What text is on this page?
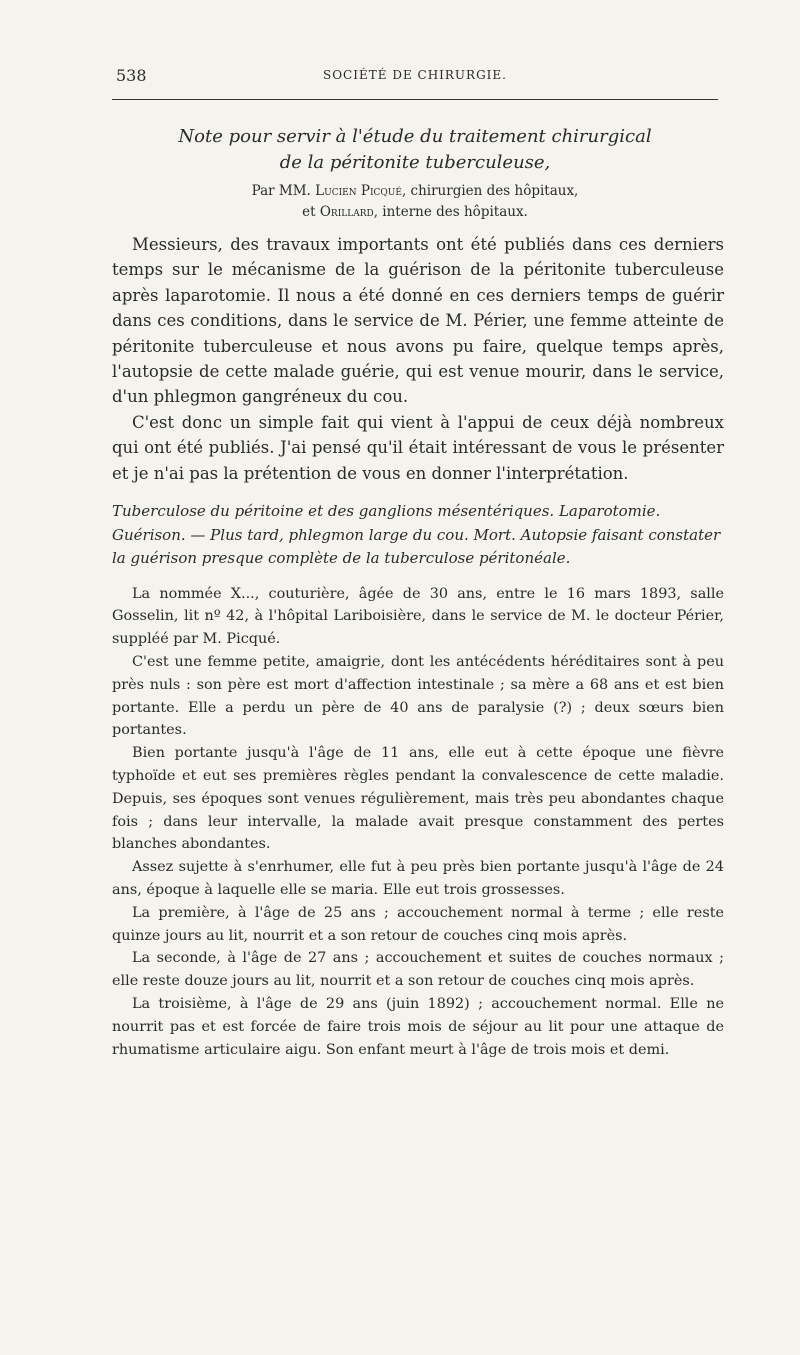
538	SOCIÉTÉ DE CHIRURGIE.
Note pour servir à l'étude du traitement chirurgical
de la péritonite tuberculeuse,
Par MM. Lucien Picqué, chirurgien des hôpitaux,
et Orillard, interne des hôpitaux.

Messieurs, des travaux importants ont été publiés dans ces derniers temps sur le mécanisme de la guérison de la péritonite tuberculeuse après laparotomie. Il nous a été donné en ces derniers temps de guérir dans ces conditions, dans le service de M. Périer, une femme atteinte de péritonite tuberculeuse et nous avons pu faire, quelque temps après, l'autopsie de cette malade guérie, qui est venue mourir, dans le service, d'un phlegmon gangréneux du cou.

C'est donc un simple fait qui vient à l'appui de ceux déjà nombreux qui ont été publiés. J'ai pensé qu'il était intéressant de vous le présenter et je n'ai pas la prétention de vous en donner l'interprétation.

Tuberculose du péritoine et des ganglions mésentériques. Laparotomie. Guérison. — Plus tard, phlegmon large du cou. Mort. Autopsie faisant constater la guérison presque complète de la tuberculose péritonéale.

La nommée X..., couturière, âgée de 30 ans, entre le 16 mars 1893, salle Gosselin, lit nº 42, à l'hôpital Lariboisière, dans le service de M. le docteur Périer, suppléé par M. Picqué.

C'est une femme petite, amaigrie, dont les antécédents héréditaires sont à peu près nuls : son père est mort d'affection intestinale ; sa mère a 68 ans et est bien portante. Elle a perdu un père de 40 ans de paralysie (?) ; deux sœurs bien portantes.

Bien portante jusqu'à l'âge de 11 ans, elle eut à cette époque une fièvre typhoïde et eut ses premières règles pendant la convalescence de cette maladie. Depuis, ses époques sont venues régulièrement, mais très peu abondantes chaque fois ; dans leur intervalle, la malade avait presque constamment des pertes blanches abondantes.

Assez sujette à s'enrhumer, elle fut à peu près bien portante jusqu'à l'âge de 24 ans, époque à laquelle elle se maria. Elle eut trois grossesses.

La première, à l'âge de 25 ans ; accouchement normal à terme ; elle reste quinze jours au lit, nourrit et a son retour de couches cinq mois après.

La seconde, à l'âge de 27 ans ; accouchement et suites de couches normaux ; elle reste douze jours au lit, nourrit et a son retour de couches cinq mois après.

La troisième, à l'âge de 29 ans (juin 1892) ; accouchement normal. Elle ne nourrit pas et est forcée de faire trois mois de séjour au lit pour une attaque de rhumatisme articulaire aigu. Son enfant meurt à l'âge de trois mois et demi.
